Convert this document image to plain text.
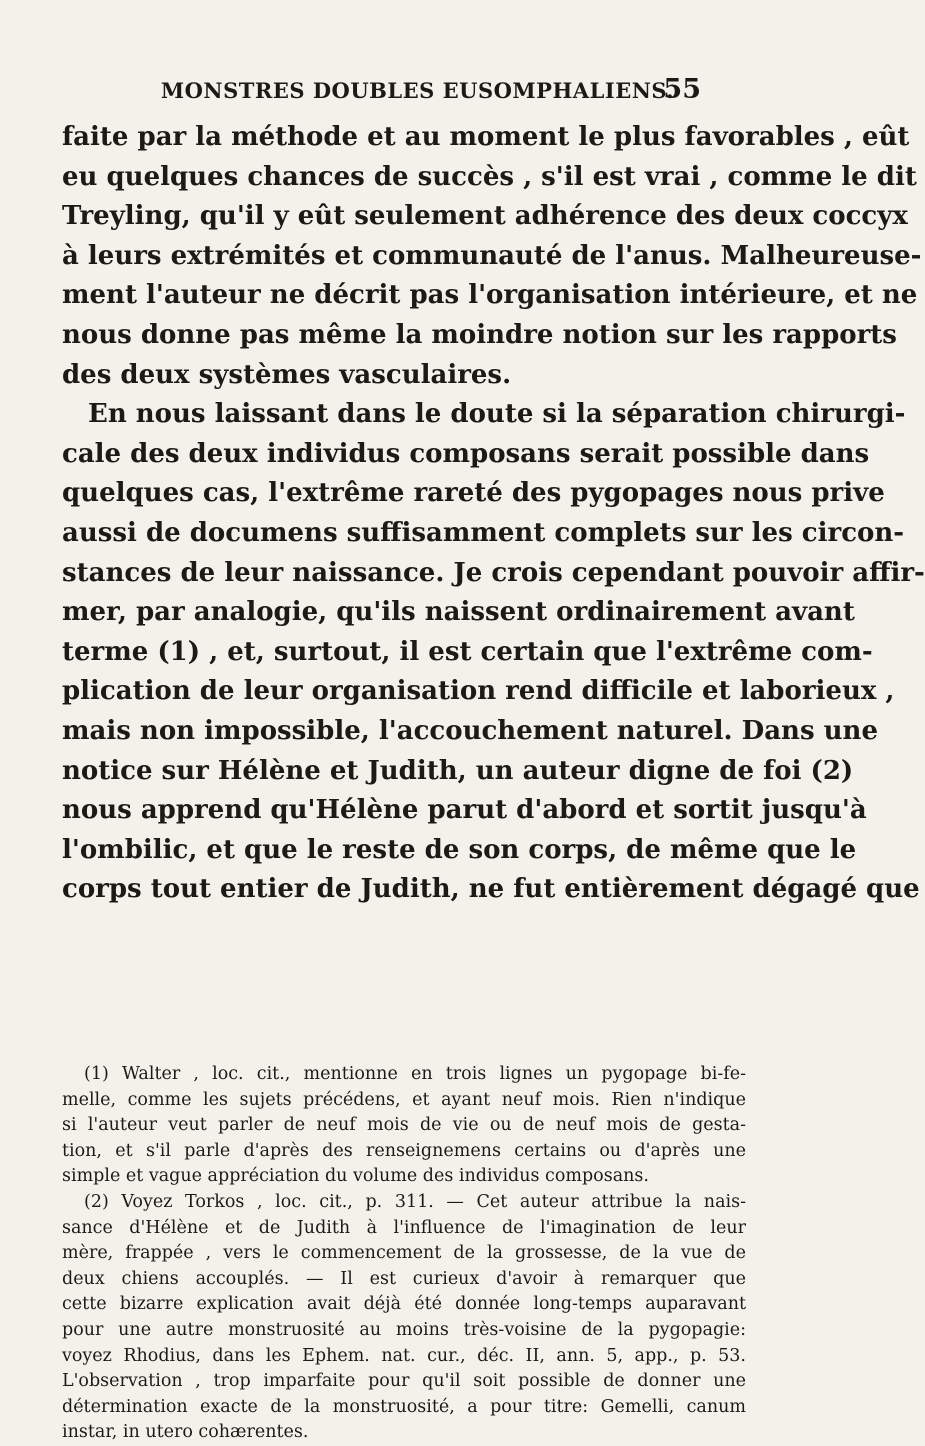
MONSTRES DOUBLES EUSOMPHALIENS.
55
faite par la méthode et au moment le plus favorables , eût
eu quelques chances de succès , s'il est vrai , comme le dit
Treyling, qu'il y eût seulement adhérence des deux coccyx
à leurs extrémités et communauté de l'anus. Malheureuse-
ment l'auteur ne décrit pas l'organisation intérieure, et ne
nous donne pas même la moindre notion sur les rapports
des deux systèmes vasculaires.
En nous laissant dans le doute si la séparation chirurgi-
cale des deux individus composans serait possible dans
quelques cas, l'extrême rareté des pygopages nous prive
aussi de documens suffisamment complets sur les circon-
stances de leur naissance. Je crois cependant pouvoir affir-
mer, par analogie, qu'ils naissent ordinairement avant
terme (1) , et, surtout, il est certain que l'extrême com-
plication de leur organisation rend difficile et laborieux ,
mais non impossible, l'accouchement naturel. Dans une
notice sur Hélène et Judith, un auteur digne de foi (2)
nous apprend qu'Hélène parut d'abord et sortit jusqu'à
l'ombilic, et que le reste de son corps, de même que le
corps tout entier de Judith, ne fut entièrement dégagé que
(1) Walter , loc. cit., mentionne en trois lignes un pygopage bi-fe-
melle, comme les sujets précédens, et ayant neuf mois. Rien n'indique
si l'auteur veut parler de neuf mois de vie ou de neuf mois de gesta-
tion, et s'il parle d'après des renseignemens certains ou d'après une
simple et vague appréciation du volume des individus composans.
(2) Voyez Torkos , loc. cit., p. 311. — Cet auteur attribue la nais-
sance d'Hélène et de Judith à l'influence de l'imagination de leur
mère, frappée , vers le commencement de la grossesse, de la vue de
deux chiens accouplés. — Il est curieux d'avoir à remarquer que
cette bizarre explication avait déjà été donnée long-temps auparavant
pour une autre monstruosité au moins très-voisine de la pygopagie:
voyez Rhodius, dans les Ephem. nat. cur., déc. II, ann. 5, app., p. 53.
L'observation , trop imparfaite pour qu'il soit possible de donner une
détermination exacte de la monstruosité, a pour titre: Gemelli, canum
instar, in utero cohærentes.
